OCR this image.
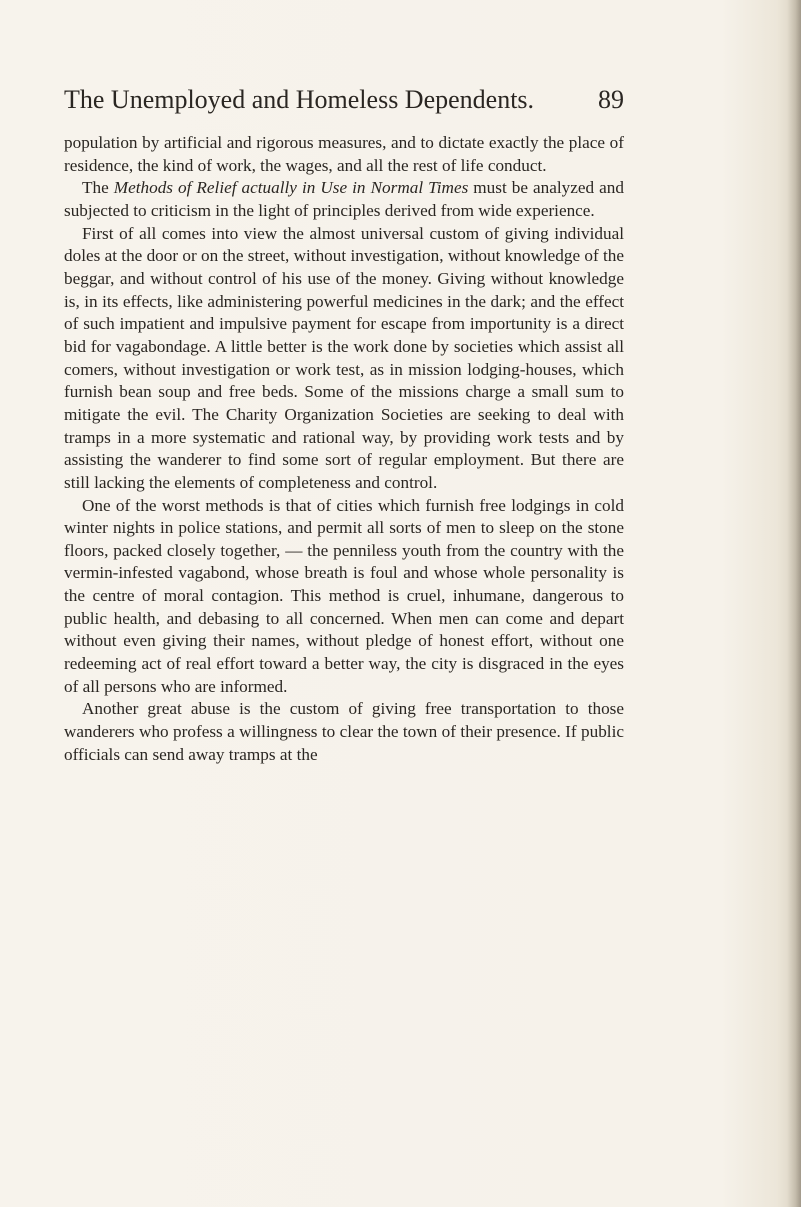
The Unemployed and Homeless Dependents. 89

population by artificial and rigorous measures, and to dictate exactly the place of residence, the kind of work, the wages, and all the rest of life conduct.

The Methods of Relief actually in Use in Normal Times must be analyzed and subjected to criticism in the light of principles derived from wide experience.

First of all comes into view the almost universal custom of giving individual doles at the door or on the street, without investigation, without knowledge of the beggar, and without control of his use of the money. Giving without knowledge is, in its effects, like administering powerful medicines in the dark; and the effect of such impatient and impulsive payment for escape from importunity is a direct bid for vagabondage. A little better is the work done by societies which assist all comers, without investigation or work test, as in mission lodging-houses, which furnish bean soup and free beds. Some of the missions charge a small sum to mitigate the evil. The Charity Organization Societies are seeking to deal with tramps in a more systematic and rational way, by providing work tests and by assisting the wanderer to find some sort of regular employment. But there are still lacking the elements of completeness and control.

One of the worst methods is that of cities which furnish free lodgings in cold winter nights in police stations, and permit all sorts of men to sleep on the stone floors, packed closely together, — the penniless youth from the country with the vermin-infested vagabond, whose breath is foul and whose whole personality is the centre of moral contagion. This method is cruel, inhumane, dangerous to public health, and debasing to all concerned. When men can come and depart without even giving their names, without pledge of honest effort, without one redeeming act of real effort toward a better way, the city is disgraced in the eyes of all persons who are informed.

Another great abuse is the custom of giving free transportation to those wanderers who profess a willingness to clear the town of their presence. If public officials can send away tramps at the
